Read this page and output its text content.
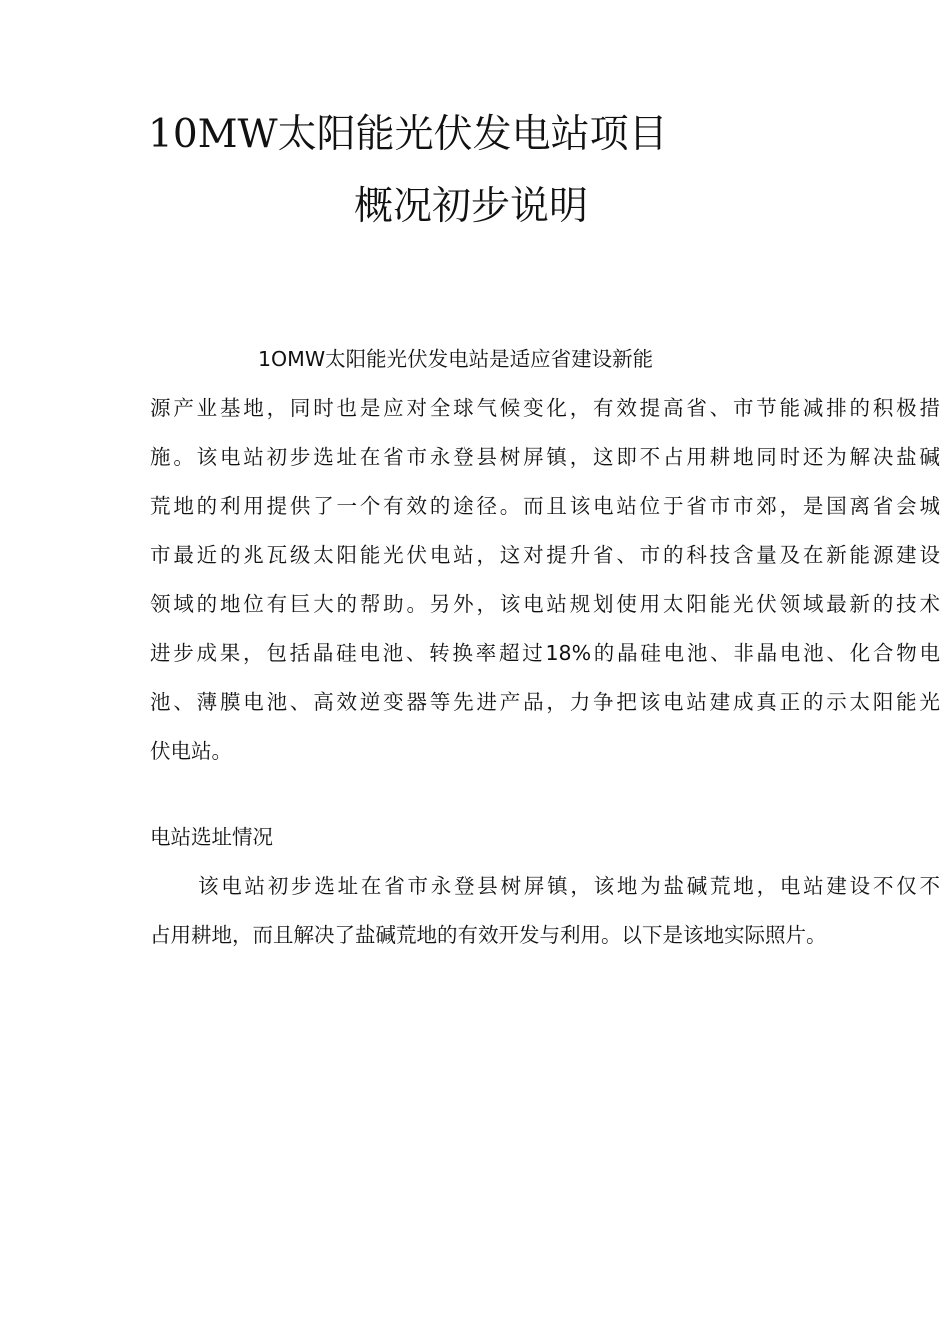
10MW太阳能光伏发电站项目
概况初步说明
1OMW太阳能光伏发电站是适应省建设新能
源产业基地，同时也是应对全球气候变化，有效提高省、市节能减排的积极措
施。该电站初步选址在省市永登县树屏镇，这即不占用耕地同时还为解决盐碱
荒地的利用提供了一个有效的途径。而且该电站位于省市市郊，是国离省会城
市最近的兆瓦级太阳能光伏电站，这对提升省、市的科技含量及在新能源建设
领域的地位有巨大的帮助。另外，该电站规划使用太阳能光伏领域最新的技术
进步成果，包括晶硅电池、转换率超过18%的晶硅电池、非晶电池、化合物电
池、薄膜电池、高效逆变器等先进产品，力争把该电站建成真正的示太阳能光
伏电站。
电站选址情况
该电站初步选址在省市永登县树屏镇，该地为盐碱荒地，电站建设不仅不
占用耕地，而且解决了盐碱荒地的有效开发与利用。以下是该地实际照片。
